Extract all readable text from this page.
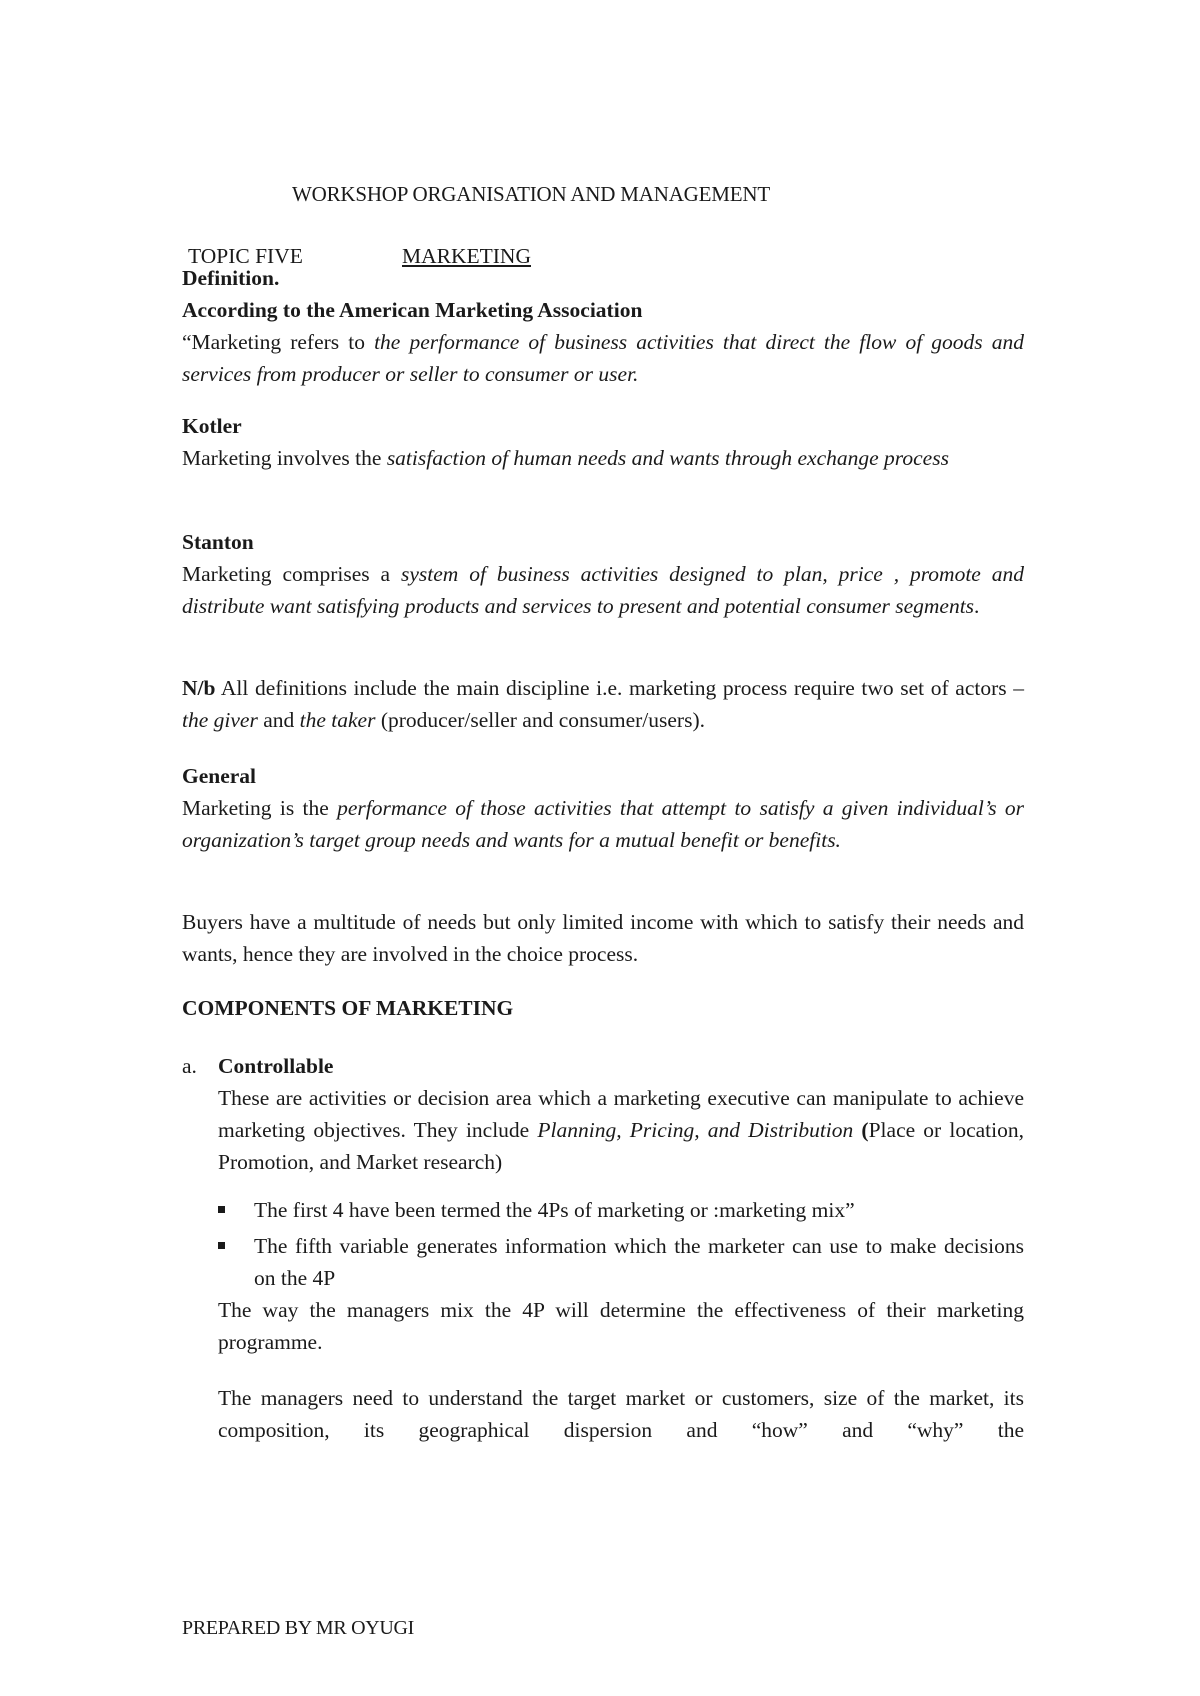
WORKSHOP ORGANISATION AND MANAGEMENT
TOPIC FIVE	MARKETING

Definition.

According to the American Marketing Association

“Marketing refers to the performance of business activities that direct the flow of goods and services from producer or seller to consumer or user.

Kotler

Marketing involves the satisfaction of human needs and wants through exchange process

Stanton

Marketing comprises a system of business activities designed to plan, price , promote and distribute want satisfying products and services to present and potential consumer segments.

N/b All definitions include the main discipline i.e. marketing process require two set of actors – the giver and the taker (producer/seller and consumer/users).

General

Marketing is the performance of those activities that attempt to satisfy a given individual’s or organization’s target group needs and wants for a mutual benefit or benefits.

Buyers have a multitude of needs but only limited income with which to satisfy their needs and wants, hence they are involved in the choice process.

COMPONENTS OF MARKETING

a. Controllable

These are activities or decision area which a marketing executive can manipulate to achieve marketing objectives. They include Planning, Pricing, and Distribution (Place or location, Promotion, and Market research)

The first 4 have been termed the 4Ps of marketing or :marketing mix”
The fifth variable generates information which the marketer can use to make decisions on the 4P

The way the managers mix the 4P will determine the effectiveness of their marketing programme.

The managers need to understand the target market or customers, size of the market, its composition, its geographical dispersion and “how” and “why” the

PREPARED BY MR OYUGI
